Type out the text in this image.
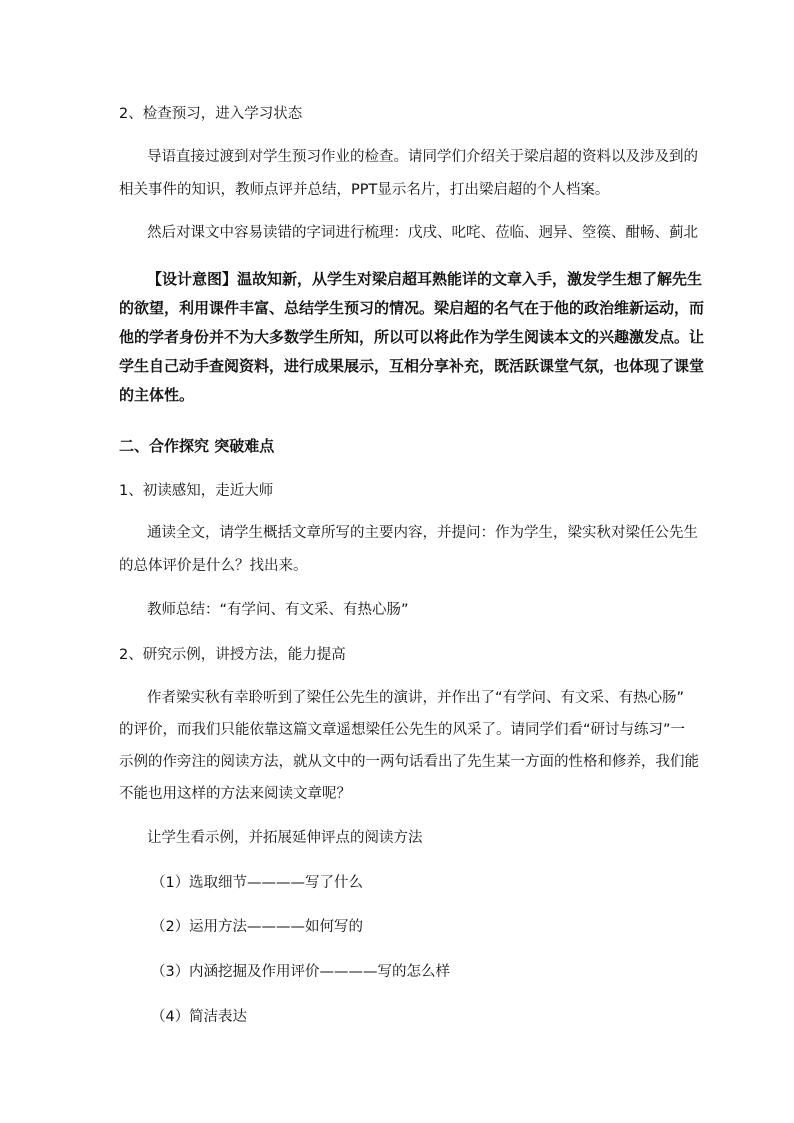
2、检查预习，进入学习状态
导语直接过渡到对学生预习作业的检查。请同学们介绍关于梁启超的资料以及涉及到的
相关事件的知识，教师点评并总结，PPT显示名片，打出梁启超的个人档案。
然后对课文中容易读错的字词进行梳理：戊戌、叱咤、莅临、迥异、箜篌、酣畅、蓟北
【设计意图】温故知新，从学生对梁启超耳熟能详的文章入手，激发学生想了解先生
的欲望，利用课件丰富、总结学生预习的情况。梁启超的名气在于他的政治维新运动，而
他的学者身份并不为大多数学生所知，所以可以将此作为学生阅读本文的兴趣激发点。让
学生自己动手查阅资料，进行成果展示，互相分享补充，既活跃课堂气氛，也体现了课堂
的主体性。
二、合作探究 突破难点
1、初读感知，走近大师
通读全文，请学生概括文章所写的主要内容，并提问：作为学生，梁实秋对梁任公先生
的总体评价是什么？找出来。
教师总结：“有学问、有文采、有热心肠”
2、研究示例，讲授方法，能力提高
作者梁实秋有幸聆听到了梁任公先生的演讲，并作出了“有学问、有文采、有热心肠”
的评价，而我们只能依靠这篇文章遥想梁任公先生的风采了。请同学们看“研讨与练习”一
示例的作旁注的阅读方法，就从文中的一两句话看出了先生某一方面的性格和修养，我们能
不能也用这样的方法来阅读文章呢？
让学生看示例，并拓展延伸评点的阅读方法
（1） 选取细节————写了什么
（2） 运用方法————如何写的
（3） 内涵挖掘及作用评价————写的怎么样
（4） 简洁表达
